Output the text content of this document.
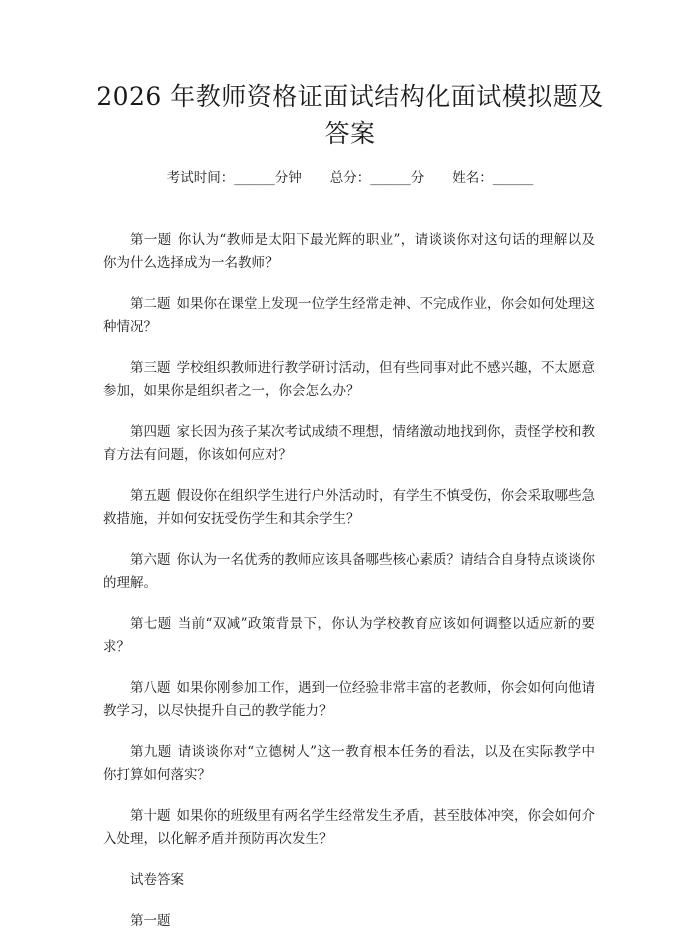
2026 年教师资格证面试结构化面试模拟题及
答案
考试时间：______分钟 总分：______分 姓名：______

第一题 你认为“教师是太阳下最光辉的职业”，请谈谈你对这句话的理解以及你为什么选择成为一名教师？

第二题 如果你在课堂上发现一位学生经常走神、不完成作业，你会如何处理这种情况？

第三题 学校组织教师进行教学研讨活动，但有些同事对此不感兴趣，不太愿意参加，如果你是组织者之一，你会怎么办？

第四题 家长因为孩子某次考试成绩不理想，情绪激动地找到你，责怪学校和教育方法有问题，你该如何应对？

第五题 假设你在组织学生进行户外活动时，有学生不慎受伤，你会采取哪些急救措施，并如何安抚受伤学生和其余学生？

第六题 你认为一名优秀的教师应该具备哪些核心素质？请结合自身特点谈谈你的理解。

第七题 当前“双减”政策背景下，你认为学校教育应该如何调整以适应新的要求？

第八题 如果你刚参加工作，遇到一位经验非常丰富的老教师，你会如何向他请教学习，以尽快提升自己的教学能力？

第九题 请谈谈你对“立德树人”这一教育根本任务的看法，以及在实际教学中你打算如何落实？

第十题 如果你的班级里有两名学生经常发生矛盾，甚至肢体冲突，你会如何介入处理，以化解矛盾并预防再次发生？

试卷答案

第一题
